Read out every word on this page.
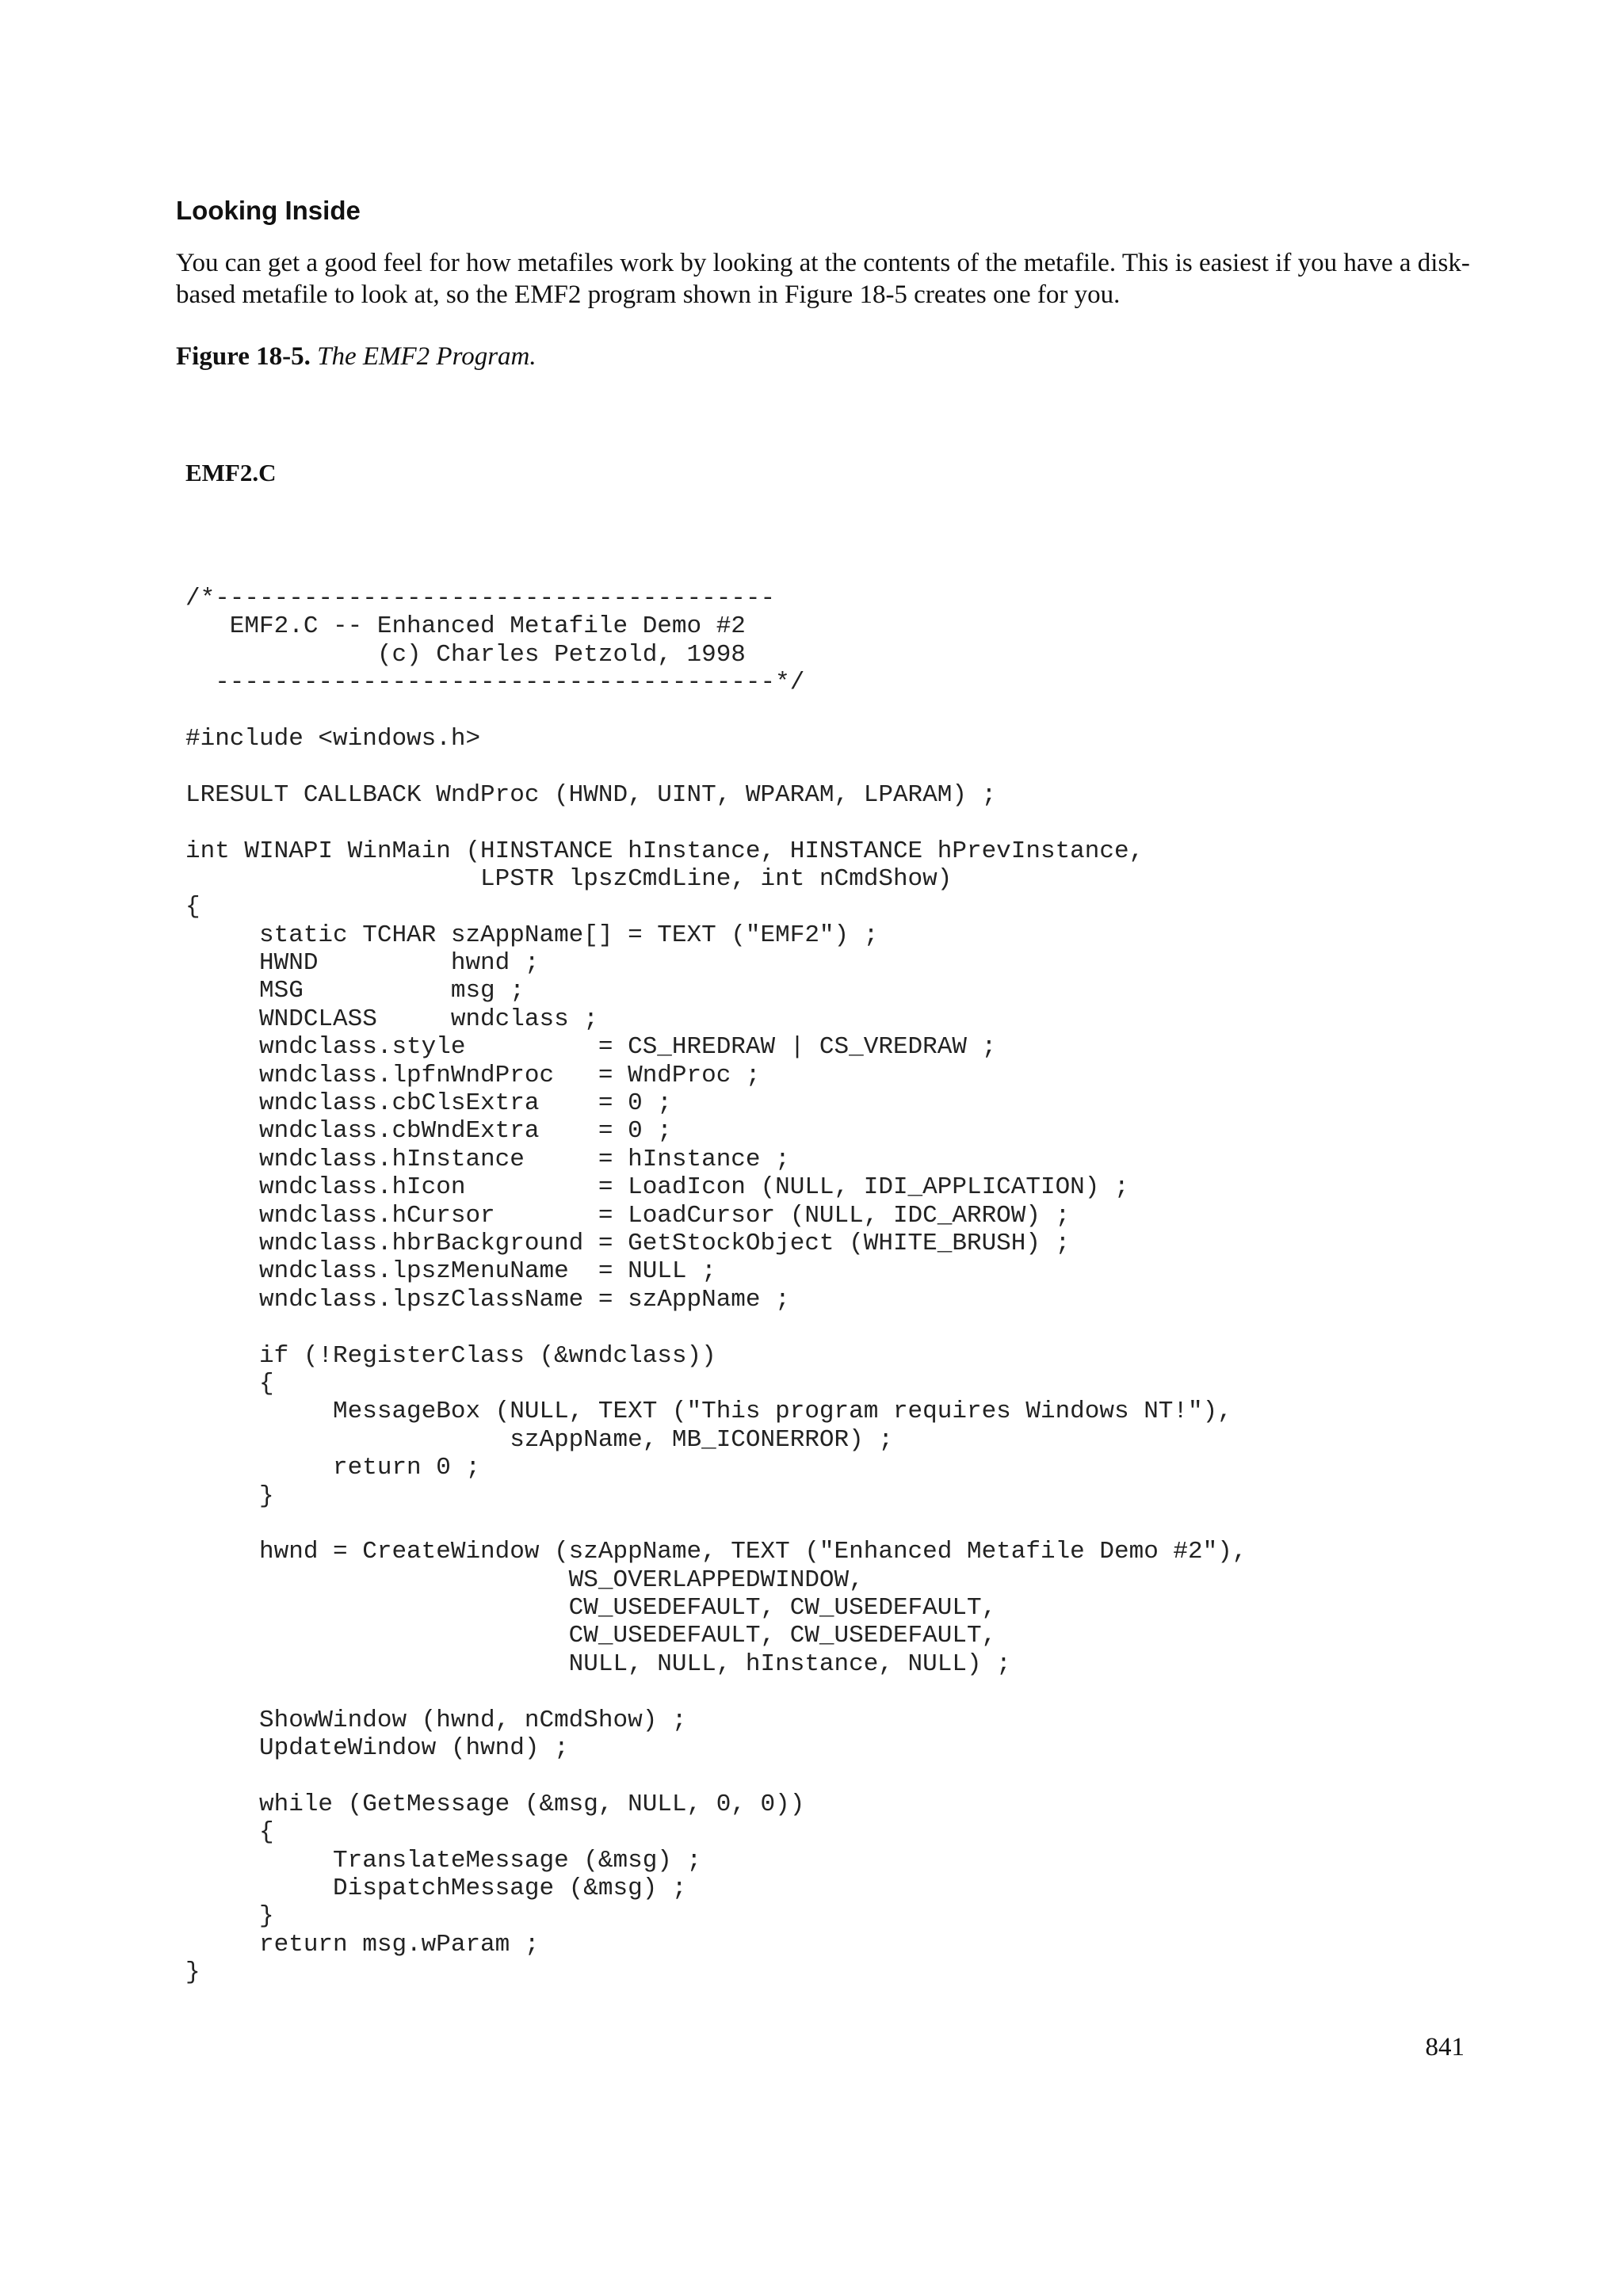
Looking Inside

You can get a good feel for how metafiles work by looking at the contents of the metafile. This is easiest if you have a disk-based metafile to look at, so the EMF2 program shown in Figure 18-5 creates one for you.

Figure 18-5. The EMF2 Program.

EMF2.C
/*--------------------------------------
EMF2.C -- Enhanced Metafile Demo #2
(c) Charles Petzold, 1998
--------------------------------------*/
#include <windows.h>
LRESULT CALLBACK WndProc (HWND, UINT, WPARAM, LPARAM) ;
int WINAPI WinMain (HINSTANCE hInstance, HINSTANCE hPrevInstance,
LPSTR lpszCmdLine, int nCmdShow)
{
static TCHAR szAppName[] = TEXT ("EMF2") ;
HWND         hwnd ;
MSG          msg ;
WNDCLASS     wndclass ;
wndclass.style         = CS_HREDRAW | CS_VREDRAW ;
wndclass.lpfnWndProc   = WndProc ;
wndclass.cbClsExtra    = 0 ;
wndclass.cbWndExtra    = 0 ;
wndclass.hInstance     = hInstance ;
wndclass.hIcon         = LoadIcon (NULL, IDI_APPLICATION) ;
wndclass.hCursor       = LoadCursor (NULL, IDC_ARROW) ;
wndclass.hbrBackground = GetStockObject (WHITE_BRUSH) ;
wndclass.lpszMenuName  = NULL ;
wndclass.lpszClassName = szAppName ;
if (!RegisterClass (&wndclass))
{
MessageBox (NULL, TEXT ("This program requires Windows NT!"),
szAppName, MB_ICONERROR) ;
return 0 ;
}
hwnd = CreateWindow (szAppName, TEXT ("Enhanced Metafile Demo #2"),
WS_OVERLAPPEDWINDOW,
CW_USEDEFAULT, CW_USEDEFAULT,
CW_USEDEFAULT, CW_USEDEFAULT,
NULL, NULL, hInstance, NULL) ;
ShowWindow (hwnd, nCmdShow) ;
UpdateWindow (hwnd) ;
while (GetMessage (&msg, NULL, 0, 0))
{
TranslateMessage (&msg) ;
DispatchMessage (&msg) ;
}
return msg.wParam ;
}
841
